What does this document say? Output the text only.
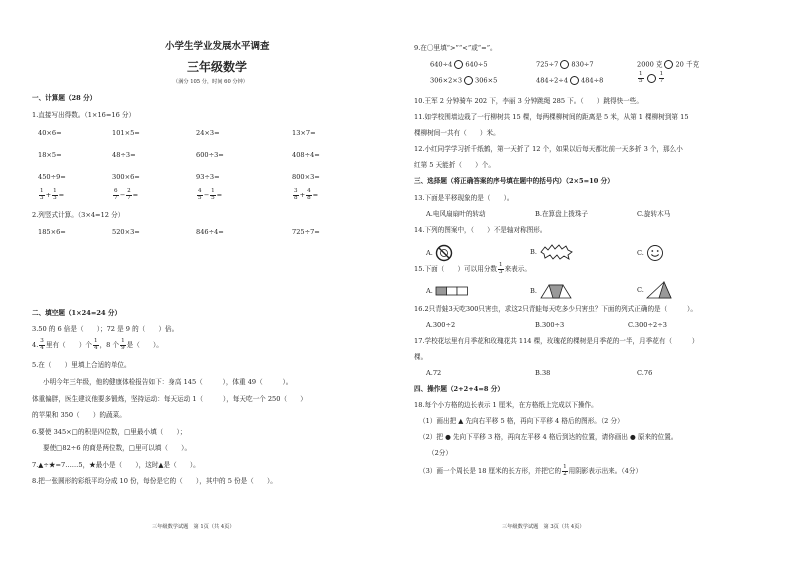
小学生学业发展水平调查
三年级数学
（满分 105 分，时间 60 分钟）
一、计算题（28 分）
1.直接写出得数。（1×16=16 分）
40×6=	101×5=	24×3=	13×7=
18×5=	48÷3=	600÷3=	408÷4=
450÷9=	300×6=	93÷3=	800×3=
$\frac{1}{3} + \frac{1}{3}$ =	$\frac{6}{7} - \frac{2}{7}$ =	$\frac{4}{5} - \frac{1}{5}$ =	$\frac{3}{8} + \frac{4}{8}$ =
2.列竖式计算。（3×4=12 分）
185×6=	520×3=	846÷4=	725÷7=
二、填空题（1×24=24 分）
3.50 的 6 倍是（　　）；72 是 9 的（　　）倍。
4. $\frac{3}{4}$ 里有（　　）个 $\frac{1}{4}$ ，8 个 $\frac{1}{9}$ 是（　　）。
5.在（　　）里填上合适的单位。
小明今年三年级，他的健康体检报告如下：身高 145（　　　），体重 49（　　　）。
体重偏胖，医生建议他要多锻炼，坚持运动：每天运动 1（　　　），每天吃一个 250（　　）
的苹果和 350（　　）的蔬菜。
6.要使 345×□的积是四位数，□里最小填（　　）；
要使□82÷6 的商是两位数，□里可以填（　　）。
7.▲÷★=7……5，★最小是（　　），这时▲是（　　）。
8.把一张圆形的彩纸平均分成 10 份，每份是它的（　　），其中的 5 份是（　　）。
三年级数学试题　第 1页（共 4页）
9.在〇里填“>”“<”或“=”。
640÷4 640÷5	725÷7 830÷7	2000 克 20 千克
306×2×3 306×5	484÷2÷4 484÷8	$\frac{1}{5}$	$\frac{1}{7}$
10.王军 2 分钟骑车 202 下，李丽 3 分钟跳绳 285 下。（　　）跳得快一些。
11.如学校围墙边栽了一行柳树共 15 棵，每两棵柳树间的距离是 5 米，从第 1 棵柳树到第 15
棵柳树间一共有（　　）米。
12.小红同学学习折千纸鹤，第一天折了 12 个，如果以后每天都比前一天多折 3 个，那么小
红第 5 天能折（　　）个。
三、选择题（将正确答案的序号填在题中的括号内）（2×5=10 分）
13.下面是平移现象的是（　　）。
A.电风扇扇叶的转动	B.在算盘上拨珠子	C.旋转木马
14.下列的图案中，（　　）不是轴对称图形。
A.	B.	C.
15.下面（　　）可以用分数 $\frac{1}{3}$ 来表示。
A.	B.	C.
16.2只青蛙3天吃300只害虫，求这2只青蛙每天吃多少只害虫？下面的列式正确的是（　　　）。
A.300÷2	B.300÷3	C.300÷2÷3
17.学校花坛里有月季花和玫瑰花共 114 棵，玫瑰花的棵树是月季花的一半，月季花有（　　　）
棵。
A.72	B.38	C.76
四、操作题（2+2+4=8 分）
18.每个小方格的边长表示 1 厘米，在方格纸上完成以下操作。
（1）画出把 ▲ 先向右平移 5 格，再向下平移 4 格后的图形。（2 分）
（2）把 ● 先向下平移 3 格，再向左平移 4 格后到达的位置，请你画出 ● 原来的位置。
（2分）
（3）画一个周长是 18 厘米的长方形，并把它的 $\frac{1}{2}$ 用阴影表示出来。（4分）
三年级数学试题　第 3页（共 4页）
